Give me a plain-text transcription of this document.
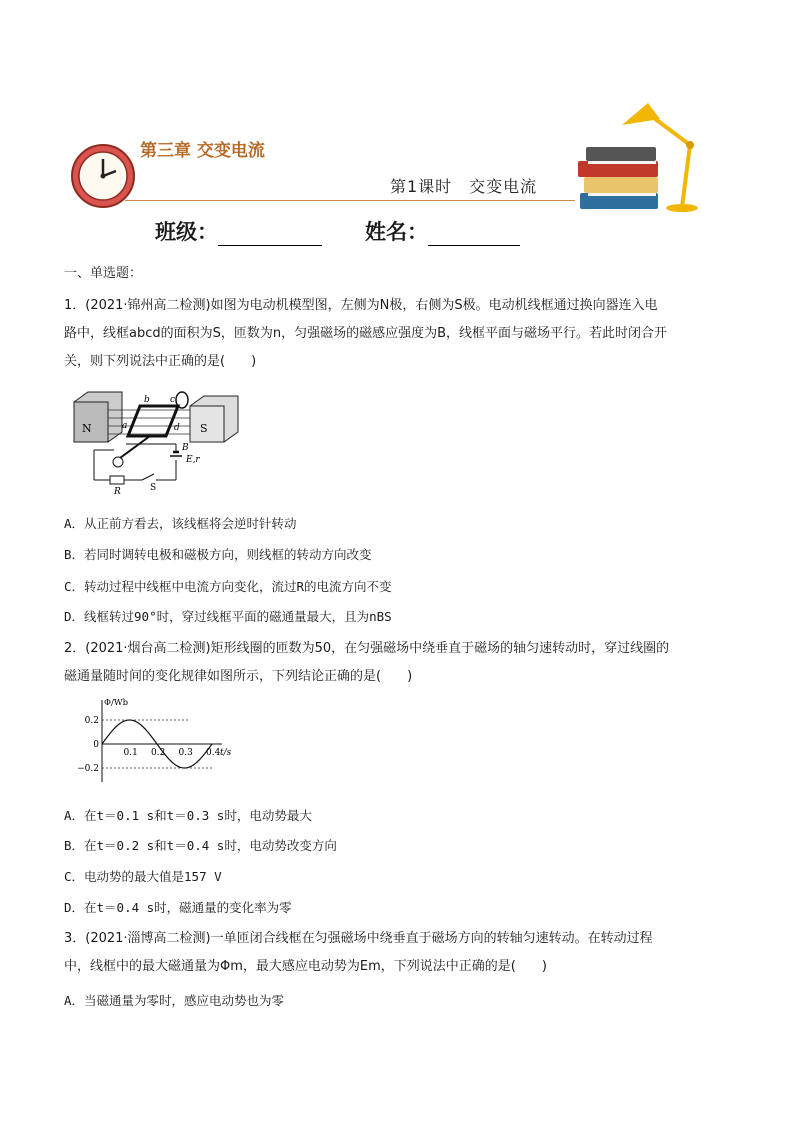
第三章 交变电流
第1课时　交变电流
班级：	姓名：
一、单选题：
1．(2021·锦州高二检测)如图为电动机模型图，左侧为N极，右侧为S极。电动机线框通过换向器连入电
路中，线框abcd的面积为S，匝数为n，匀强磁场的磁感应强度为B，线框平面与磁场平行。若此时闭合开
关，则下列说法中正确的是(　　)
N	S
a
b c
d
B
E,r
R	S
A．从正前方看去，该线框将会逆时针转动
B．若同时调转电极和磁极方向，则线框的转动方向改变
C．转动过程中线框中电流方向变化，流过R的电流方向不变
D．线框转过90°时，穿过线框平面的磁通量最大，且为nBS
2．(2021·烟台高二检测)矩形线圈的匝数为50，在匀强磁场中绕垂直于磁场的轴匀速转动时，穿过线圈的
磁通量随时间的变化规律如图所示，下列结论正确的是(　　)
Φ/Wb
0.2
0
−0.2
0.1 0.2 0.3 0.4 t/s
A．在t＝0.1 s和t＝0.3 s时，电动势最大
B．在t＝0.2 s和t＝0.4 s时，电动势改变方向
C．电动势的最大值是157 V
D．在t＝0.4 s时，磁通量的变化率为零
3．(2021·淄博高二检测)一单匝闭合线框在匀强磁场中绕垂直于磁场方向的转轴匀速转动。在转动过程
中，线框中的最大磁通量为Φm，最大感应电动势为Em，下列说法中正确的是(　　)
A．当磁通量为零时，感应电动势也为零
